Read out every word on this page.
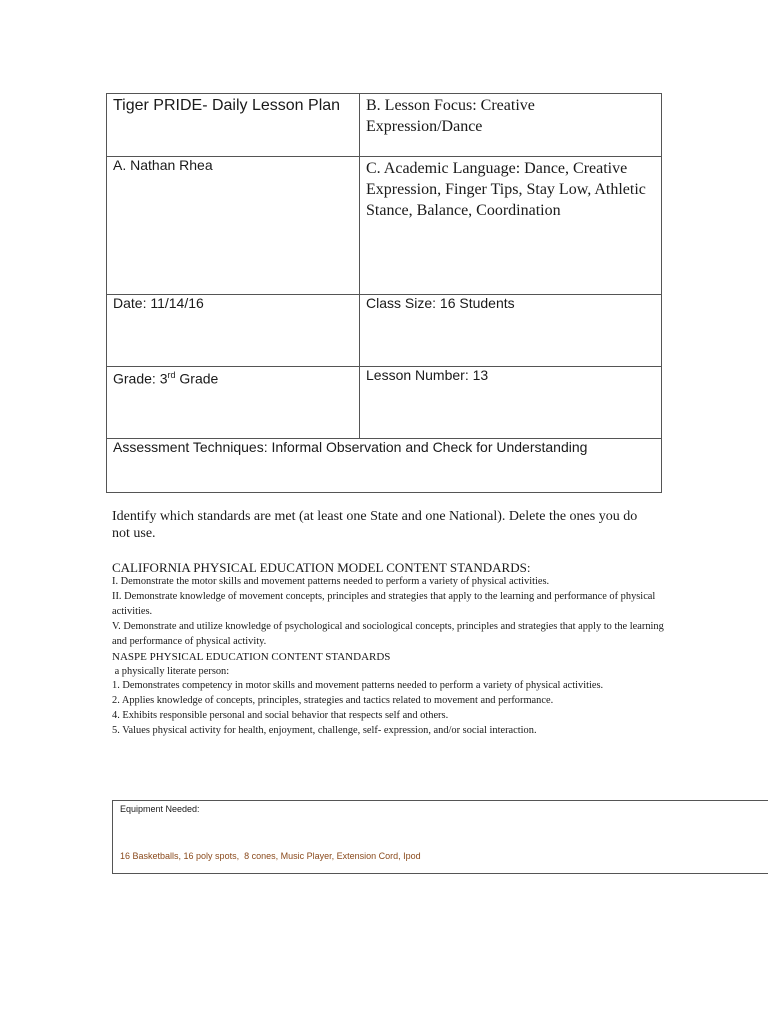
Tiger PRIDE- Daily Lesson Plan	B. Lesson Focus: Creative Expression/Dance
A. Nathan Rhea	C. Academic Language: Dance, Creative Expression, Finger Tips, Stay Low, Athletic Stance, Balance, Coordination
Date: 11/14/16	Class Size: 16 Students
Grade: 3rd Grade	Lesson Number: 13
Assessment Techniques: Informal Observation and Check for Understanding	
Identify which standards are met (at least one State and one National). Delete the ones you do not use.
CALIFORNIA PHYSICAL EDUCATION MODEL CONTENT STANDARDS:
I. Demonstrate the motor skills and movement patterns needed to perform a variety of physical activities.
II. Demonstrate knowledge of movement concepts, principles and strategies that apply to the learning and performance of physical activities.
V. Demonstrate and utilize knowledge of psychological and sociological concepts, principles and strategies that apply to the learning and performance of physical activity.
NASPE PHYSICAL EDUCATION CONTENT STANDARDS
a physically literate person:
1. Demonstrates competency in motor skills and movement patterns needed to perform a variety of physical activities.
2. Applies knowledge of concepts, principles, strategies and tactics related to movement and performance.
4. Exhibits responsible personal and social behavior that respects self and others.
5. Values physical activity for health, enjoyment, challenge, self- expression, and/or social interaction.
Equipment Needed:
16 Basketballs, 16 poly spots,  8 cones, Music Player, Extension Cord, Ipod
